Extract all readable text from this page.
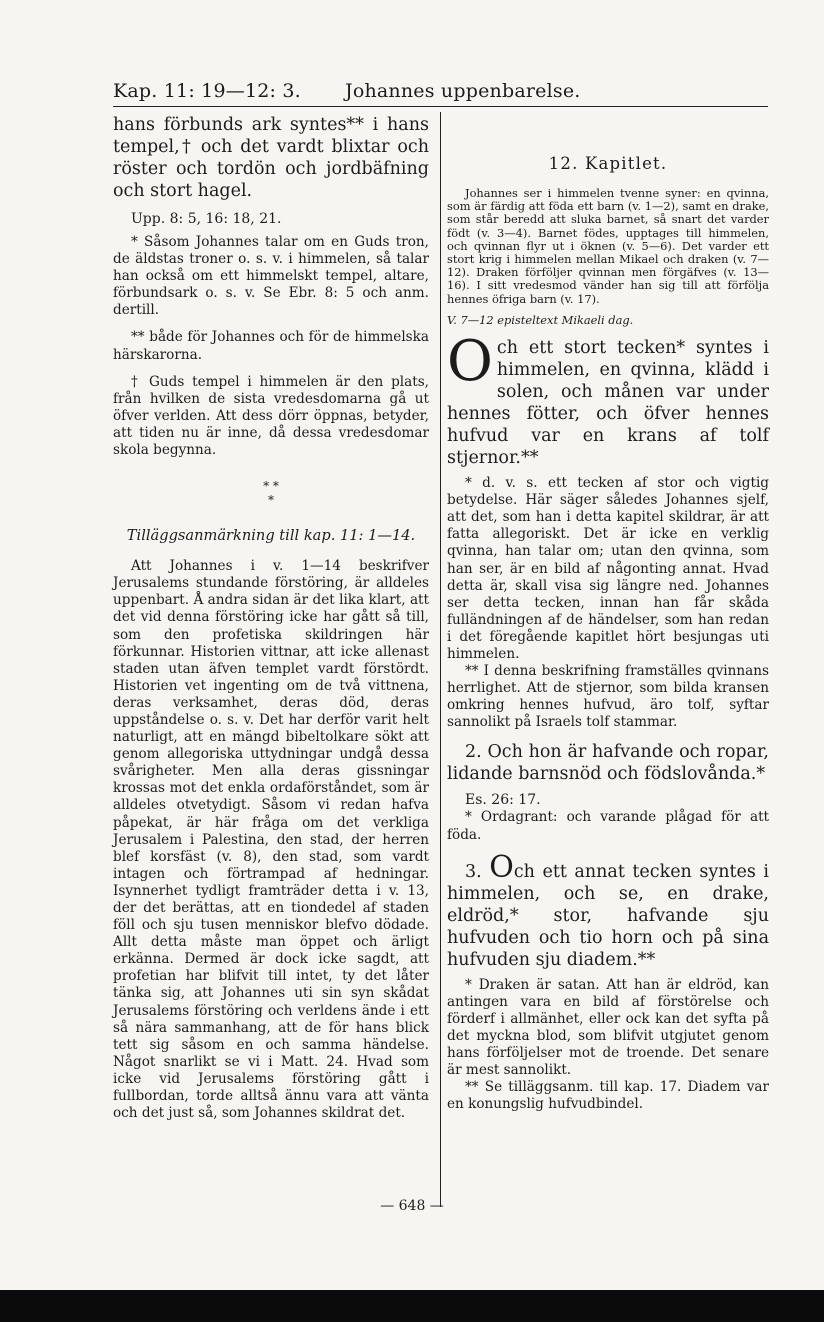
Kap. 11: 19—12: 3. Johannes uppenbarelse.

hans förbunds ark syntes** i hans tempel,† och det vardt blixtar och röster och tordön och jordbäfning och stort hagel.

Upp. 8: 5, 16: 18, 21.

* Såsom Johannes talar om en Guds tron, de äldstas troner o. s. v. i himmelen, så talar han också om ett himmelskt tempel, altare, förbundsark o. s. v. Se Ebr. 8: 5 och anm. dertill.

** både för Johannes och för de himmelska härskarorna.

† Guds tempel i himmelen är den plats, från hvilken de sista vredesdomarna gå ut öfver verlden. Att dess dörr öppnas, betyder, att tiden nu är inne, då dessa vredesdomar skola begynna.

* *

*

Tilläggsanmärkning till kap. 11: 1—14.

Att Johannes i v. 1—14 beskrifver Jerusalems stundande förstöring, är alldeles uppenbart. Å andra sidan är det lika klart, att det vid denna förstöring icke har gått så till, som den profetiska skildringen här förkunnar. Historien vittnar, att icke allenast staden utan äfven templet vardt förstördt. Historien vet ingenting om de två vittnena, deras verksamhet, deras död, deras uppståndelse o. s. v. Det har derför varit helt naturligt, att en mängd bibeltolkare sökt att genom allegoriska uttydningar undgå dessa svårigheter. Men alla deras gissningar krossas mot det enkla ordaförståndet, som är alldeles otvetydigt. Såsom vi redan hafva påpekat, är här fråga om det verkliga Jerusalem i Palestina, den stad, der herren blef korsfäst (v. 8), den stad, som vardt intagen och förtrampad af hedningar. Isynnerhet tydligt framträder detta i v. 13, der det berättas, att en tiondedel af staden föll och sju tusen menniskor blefvo dödade. Allt detta måste man öppet och ärligt erkänna. Dermed är dock icke sagdt, att profetian har blifvit till intet, ty det låter tänka sig, att Johannes uti sin syn skådat Jerusalems förstöring och verldens ände i ett så nära sammanhang, att de för hans blick tett sig såsom en och samma händelse. Något snarlikt se vi i Matt. 24. Hvad som icke vid Jerusalems förstöring gått i fullbordan, torde alltså ännu vara att vänta och det just så, som Johannes skildrat det.

12. Kapitlet.

Johannes ser i himmelen tvenne syner: en qvinna, som är färdig att föda ett barn (v. 1—2), samt en drake, som står beredd att sluka barnet, så snart det varder födt (v. 3—4). Barnet födes, upptages till himmelen, och qvinnan flyr ut i öknen (v. 5—6). Det varder ett stort krig i himmelen mellan Mikael och draken (v. 7—12). Draken förföljer qvinnan men förgäfves (v. 13—16). I sitt vredesmod vänder han sig till att förfölja hennes öfriga barn (v. 17).

V. 7—12 episteltext Mikaeli dag.

Och ett stort tecken* syntes i himmelen, en qvinna, klädd i solen, och månen var under hennes fötter, och öfver hennes hufvud var en krans af tolf stjernor.**

* d. v. s. ett tecken af stor och vigtig betydelse. Här säger således Johannes sjelf, att det, som han i detta kapitel skildrar, är att fatta allegoriskt. Det är icke en verklig qvinna, han talar om; utan den qvinna, som han ser, är en bild af någonting annat. Hvad detta är, skall visa sig längre ned. Johannes ser detta tecken, innan han får skåda fulländningen af de händelser, som han redan i det föregående kapitlet hört besjungas uti himmelen.

** I denna beskrifning framställes qvinnans herrlighet. Att de stjernor, som bilda kransen omkring hennes hufvud, äro tolf, syftar sannolikt på Israels tolf stammar.

2. Och hon är hafvande och ropar, lidande barnsnöd och födslovånda.*

Es. 26: 17.

* Ordagrant: och varande plågad för att föda.

3. Och ett annat tecken syntes i himmelen, och se, en drake, eldröd,* stor, hafvande sju hufvuden och tio horn och på sina hufvuden sju diadem.**

* Draken är satan. Att han är eldröd, kan antingen vara en bild af förstörelse och förderf i allmänhet, eller ock kan det syfta på det myckna blod, som blifvit utgjutet genom hans förföljelser mot de troende. Det senare är mest sannolikt.

** Se tilläggsanm. till kap. 17. Diadem var en konungslig hufvudbindel.

— 648 —
